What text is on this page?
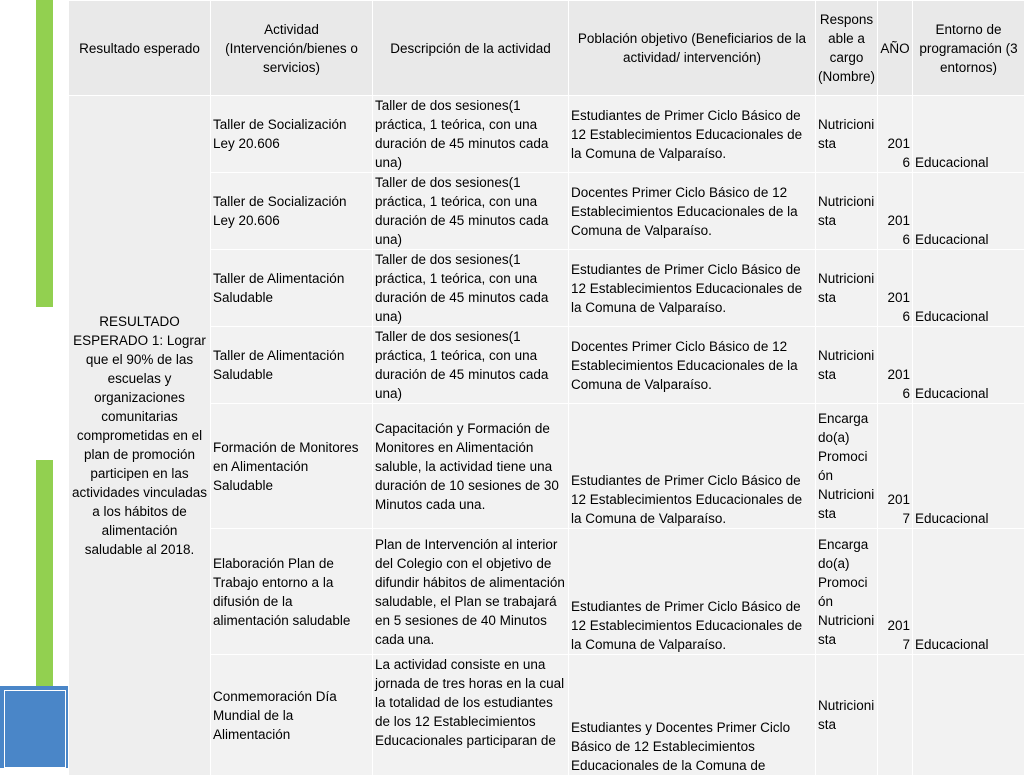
Resultado esperado	Actividad (Intervención/bienes o servicios)	Descripción de la actividad	Población objetivo (Beneficiarios de la actividad/ intervención)	Responsable a cargo (Nombre)	AÑO	Entorno de programación (3 entornos)
RESULTADO ESPERADO 1: Lograr que el 90% de las escuelas y organizaciones comunitarias comprometidas en el plan de promoción participen en las actividades vinculadas a los hábitos de alimentación saludable al 2018.	Taller de Socialización Ley 20.606	Taller de dos sesiones(1 práctica, 1 teórica, con una duración de 45 minutos cada una)	Estudiantes de Primer Ciclo Básico de 12 Establecimientos Educacionales de la Comuna de Valparaíso.	Nutricionista	2016	Educacional
	Taller de Socialización Ley 20.606	Taller de dos sesiones(1 práctica, 1 teórica, con una duración de 45 minutos cada una)	Docentes Primer Ciclo Básico de 12 Establecimientos Educacionales de la Comuna de Valparaíso.	Nutricionista	2016	Educacional
	Taller de Alimentación Saludable	Taller de dos sesiones(1 práctica, 1 teórica, con una duración de 45 minutos cada una)	Estudiantes de Primer Ciclo Básico de 12 Establecimientos Educacionales de la Comuna de Valparaíso.	Nutricionista	2016	Educacional
	Taller de Alimentación Saludable	Taller de dos sesiones(1 práctica, 1 teórica, con una duración de 45 minutos cada una)	Docentes Primer Ciclo Básico de 12 Establecimientos Educacionales de la Comuna de Valparaíso.	Nutricionista	2016	Educacional
	Formación de Monitores en Alimentación Saludable	Capacitación y Formación de Monitores en Alimentación saluble, la actividad tiene una duración de 10 sesiones de 30 Minutos cada una.	Estudiantes de Primer Ciclo Básico de 12 Establecimientos Educacionales de la Comuna de Valparaíso.	Encargado(a) Promoción Nutricionista	2017	Educacional
	Elaboración Plan de Trabajo entorno a la difusión de la alimentación saludable	Plan de Intervención al interior del Colegio con el objetivo de difundir hábitos de alimentación saludable, el Plan se trabajará en 5 sesiones de 40 Minutos cada una.	Estudiantes de Primer Ciclo Básico de 12 Establecimientos Educacionales de la Comuna de Valparaíso.	Encargado(a) Promoción Nutricionista	2017	Educacional
	Conmemoración Día Mundial de la Alimentación	La actividad consiste en una jornada de tres horas en la cual la totalidad de los estudiantes de los 12 Establecimientos Educacionales participaran de	Estudiantes y Docentes Primer Ciclo Básico de 12 Establecimientos Educacionales de la Comuna de	Nutricionista		
